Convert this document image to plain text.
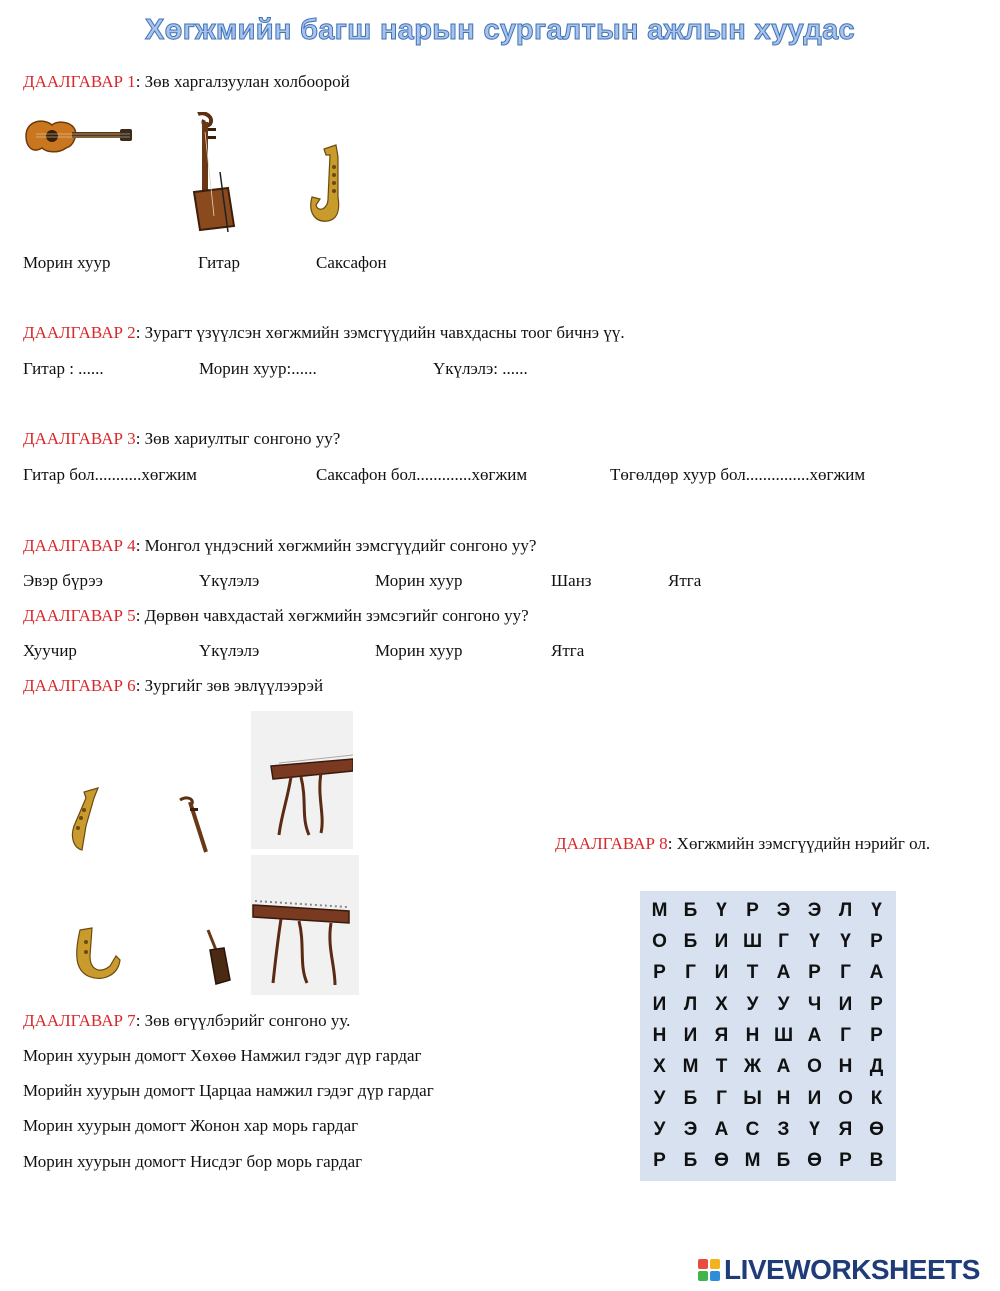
Хөгжмийн багш нарын сургалтын ажлын хуудас
ДААЛГАВАР 1: Зөв харгалзуулан холбоорой
Морин хуур	Гитар	Саксафон
ДААЛГАВАР 2: Зурагт үзүүлсэн хөгжмийн зэмсгүүдийн чавхдасны тоог бичнэ үү.
Гитар : ......	Морин хуур:......	Үкүлэлэ: ......
ДААЛГАВАР 3: Зөв хариултыг сонгоно уу?
Гитар бол...........хөгжим	Саксафон бол.............хөгжим	Төгөлдөр хуур бол...............хөгжим
ДААЛГАВАР 4: Монгол үндэсний хөгжмийн зэмсгүүдийг сонгоно уу?
Эвэр бүрээ	Үкүлэлэ	Морин хуур	Шанз	Ятга
ДААЛГАВАР 5: Дөрвөн чавхдастай хөгжмийн зэмсэгийг сонгоно уу?
Хуучир	Үкүлэлэ	Морин хуур	Ятга
ДААЛГАВАР 6: Зургийг зөв эвлүүлээрэй
ДААЛГАВАР 8: Хөгжмийн зэмсгүүдийн нэрийг ол.
М Б Ү	Р Э Э Л	Ү
О Б И Ш Г	Ү	Ү	Р
Р	Г И Т А Р	Г А
И Л Х У	У Ч И Р
Н И Я Н Ш А Г	Р
Х М Т Ж А О Н Д
У Б Г Ы Н И О К
У Э А С З	Ү Я Ө
Р Б Ө М Б Ө Р В
ДААЛГАВАР 7: Зөв өгүүлбэрийг сонгоно уу.
Морин хуурын домогт Хөхөө Намжил гэдэг дүр гардаг
Морийн хуурын домогт Царцаа намжил гэдэг дүр гардаг
Морин хуурын домогт Жонон хар морь гардаг
Морин хуурын домогт Нисдэг бор морь гардаг
LIVEWORKSHEETS
